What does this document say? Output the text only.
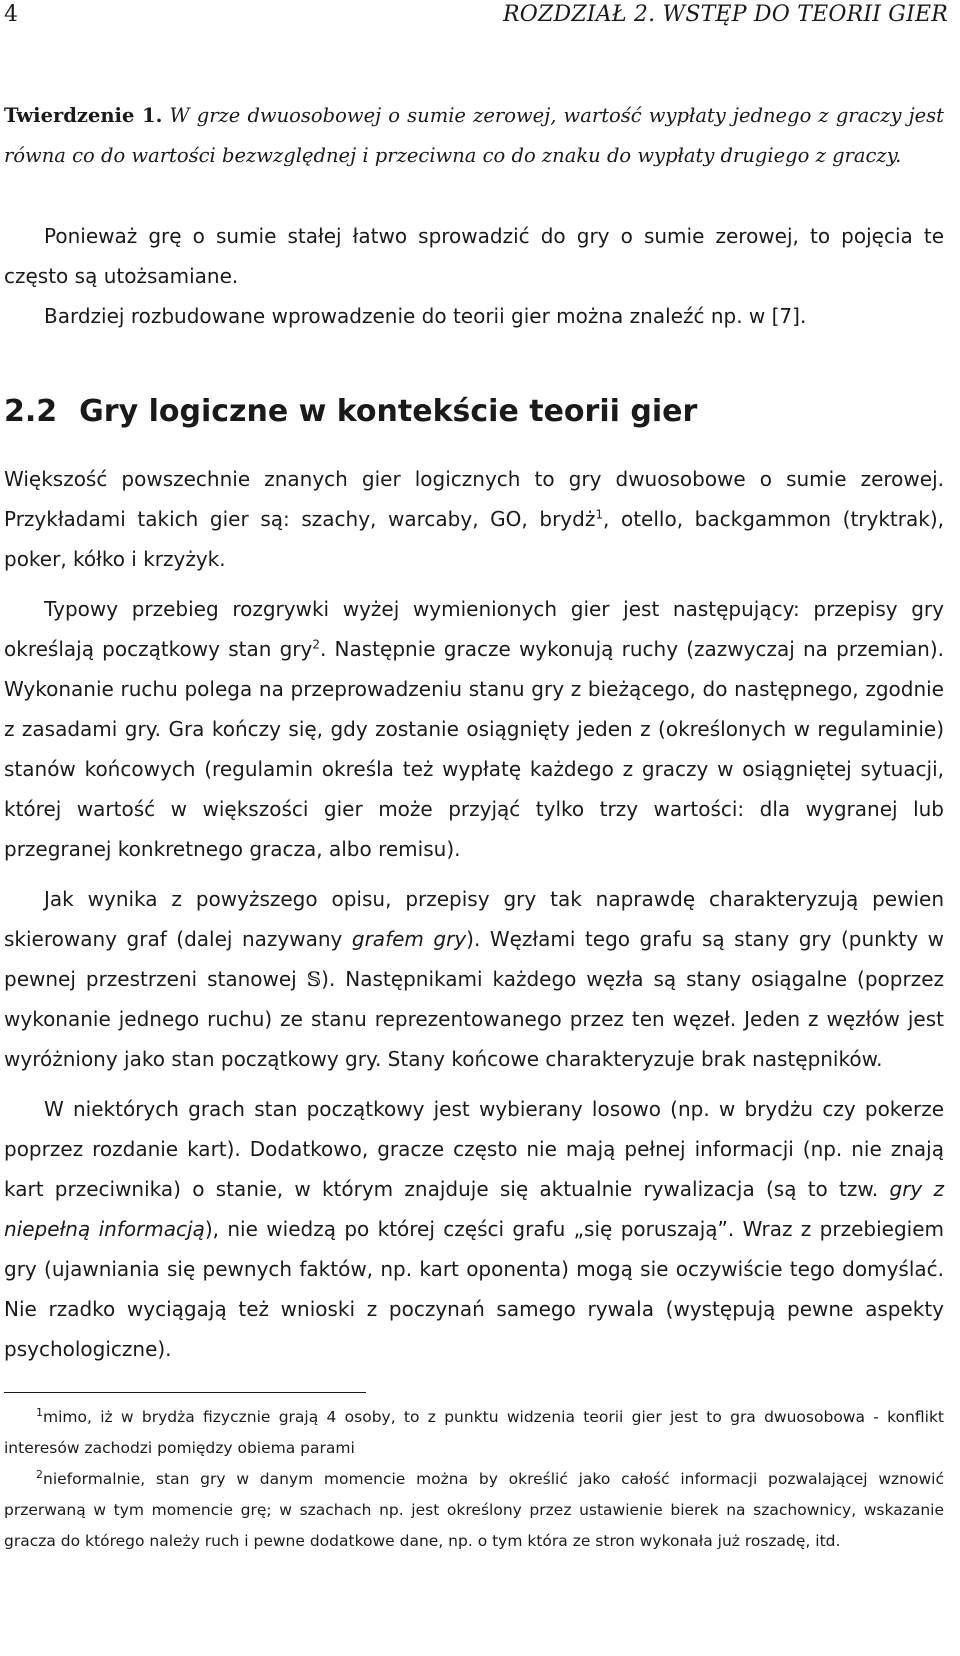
4	ROZDZIAŁ 2. WSTĘP DO TEORII GIER

Twierdzenie 1. W grze dwuosobowej o sumie zerowej, wartość wypłaty jednego z graczy jest równa co do wartości bezwzględnej i przeciwna co do znaku do wypłaty drugiego z graczy.

Ponieważ grę o sumie stałej łatwo sprowadzić do gry o sumie zerowej, to pojęcia te często są utożsamiane.

Bardziej rozbudowane wprowadzenie do teorii gier można znaleźć np. w [7].

2.2 Gry logiczne w kontekście teorii gier

Większość powszechnie znanych gier logicznych to gry dwuosobowe o sumie zerowej. Przykładami takich gier są: szachy, warcaby, GO, brydż$^1$, otello, backgammon (tryktrak), poker, kółko i krzyżyk.

Typowy przebieg rozgrywki wyżej wymienionych gier jest następujący: przepisy gry określają początkowy stan gry$^2$. Następnie gracze wykonują ruchy (zazwyczaj na przemian). Wykonanie ruchu polega na przeprowadzeniu stanu gry z bieżącego, do następnego, zgodnie z zasadami gry. Gra kończy się, gdy zostanie osiągnięty jeden z (określonych w regulaminie) stanów końcowych (regulamin określa też wypłatę każdego z graczy w osiągniętej sytuacji, której wartość w większości gier może przyjąć tylko trzy wartości: dla wygranej lub przegranej konkretnego gracza, albo remisu).

Jak wynika z powyższego opisu, przepisy gry tak naprawdę charakteryzują pewien skierowany graf (dalej nazywany grafem gry). Węzłami tego grafu są stany gry (punkty w pewnej przestrzeni stanowej 𝕊). Następnikami każdego węzła są stany osiągalne (poprzez wykonanie jednego ruchu) ze stanu reprezentowanego przez ten węzeł. Jeden z węzłów jest wyróżniony jako stan początkowy gry. Stany końcowe charakteryzuje brak następników.

W niektórych grach stan początkowy jest wybierany losowo (np. w brydżu czy pokerze poprzez rozdanie kart). Dodatkowo, gracze często nie mają pełnej informacji (np. nie znają kart przeciwnika) o stanie, w którym znajduje się aktualnie rywalizacja (są to tzw. gry z niepełną informacją), nie wiedzą po której części grafu „się poruszają”. Wraz z przebiegiem gry (ujawniania się pewnych faktów, np. kart oponenta) mogą sie oczywiście tego domyślać. Nie rzadko wyciągają też wnioski z poczynań samego rywala (występują pewne aspekty psychologiczne).

$^1$mimo, iż w brydża fizycznie grają 4 osoby, to z punktu widzenia teorii gier jest to gra dwuosobowa - konflikt interesów zachodzi pomiędzy obiema parami

$^2$nieformalnie, stan gry w danym momencie można by określić jako całość informacji pozwalającej wznowić przerwaną w tym momencie grę; w szachach np. jest określony przez ustawienie bierek na szachownicy, wskazanie gracza do którego należy ruch i pewne dodatkowe dane, np. o tym która ze stron wykonała już roszadę, itd.
